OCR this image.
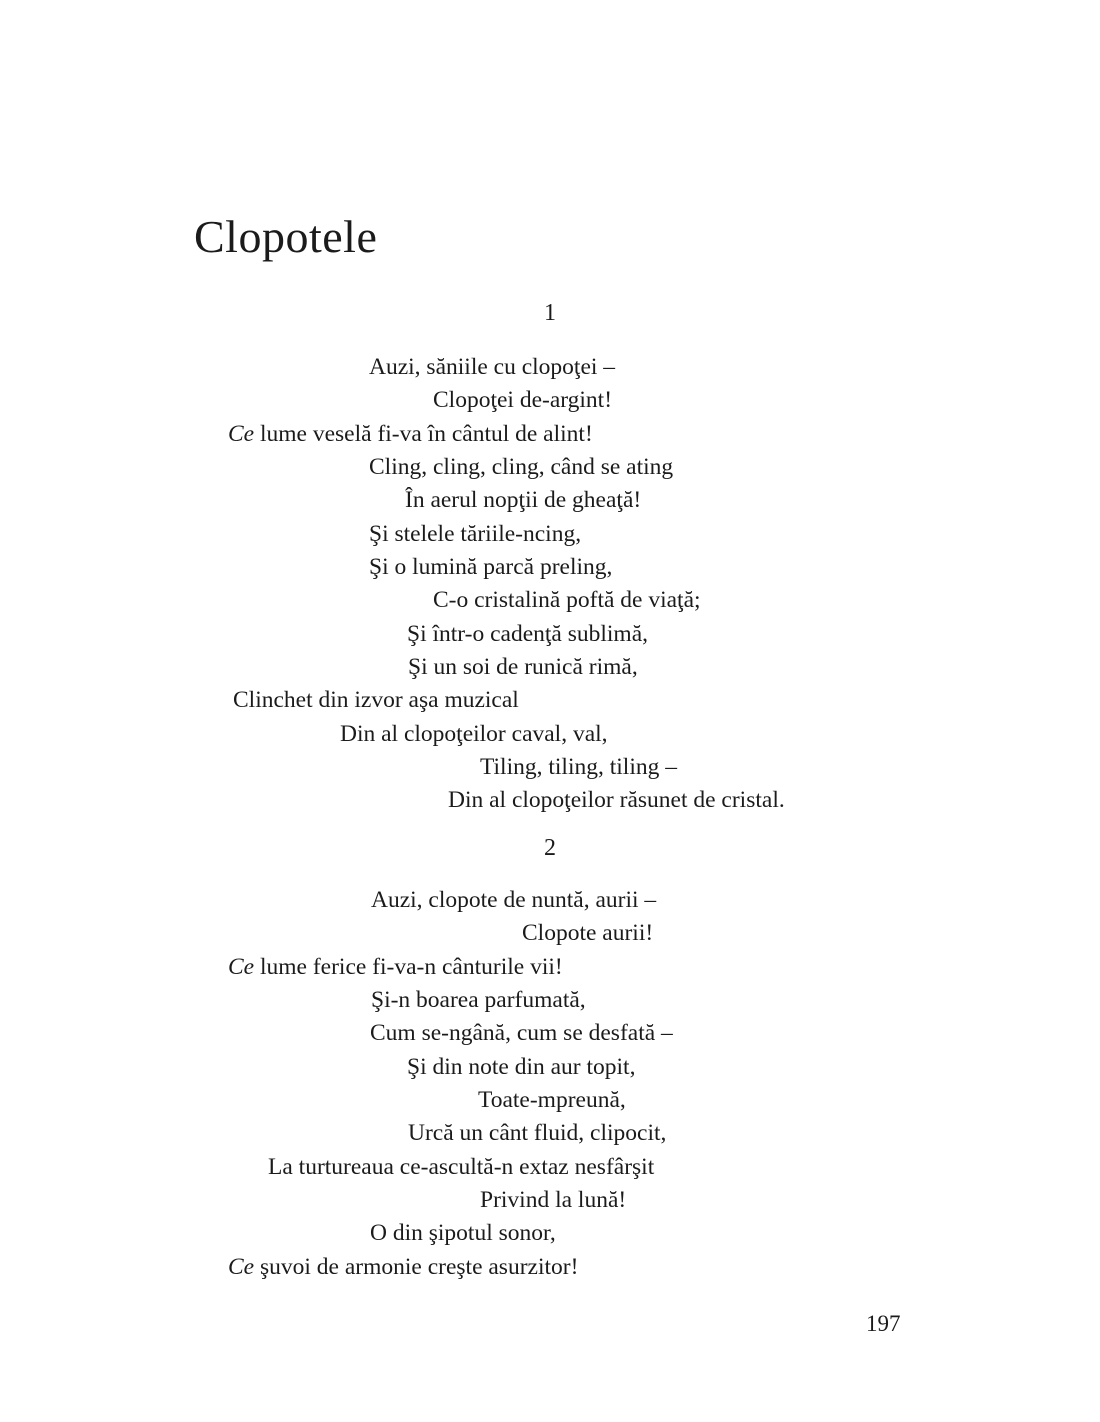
Clopotele
1
Auzi, săniile cu clopoţei –
Clopoţei de-argint!
Ce lume veselă fi-va în cântul de alint!
Cling, cling, cling, când se ating
În aerul nopţii de gheaţă!
Şi stelele tăriile-ncing,
Şi o lumină parcă preling,
C-o cristalină poftă de viaţă;
Şi într-o cadenţă sublimă,
Şi un soi de runică rimă,
Clinchet din izvor aşa muzical
Din al clopoţeilor caval, val,
Tiling, tiling, tiling –
Din al clopoţeilor răsunet de cristal.
2
Auzi, clopote de nuntă, aurii –
Clopote aurii!
Ce lume ferice fi-va-n cânturile vii!
Şi-n boarea parfumată,
Cum se-ngână, cum se desfată –
Şi din note din aur topit,
Toate-mpreună,
Urcă un cânt fluid, clipocit,
La turtureaua ce-ascultă-n extaz nesfârşit
Privind la lună!
O din şipotul sonor,
Ce şuvoi de armonie creşte asurzitor!
197
